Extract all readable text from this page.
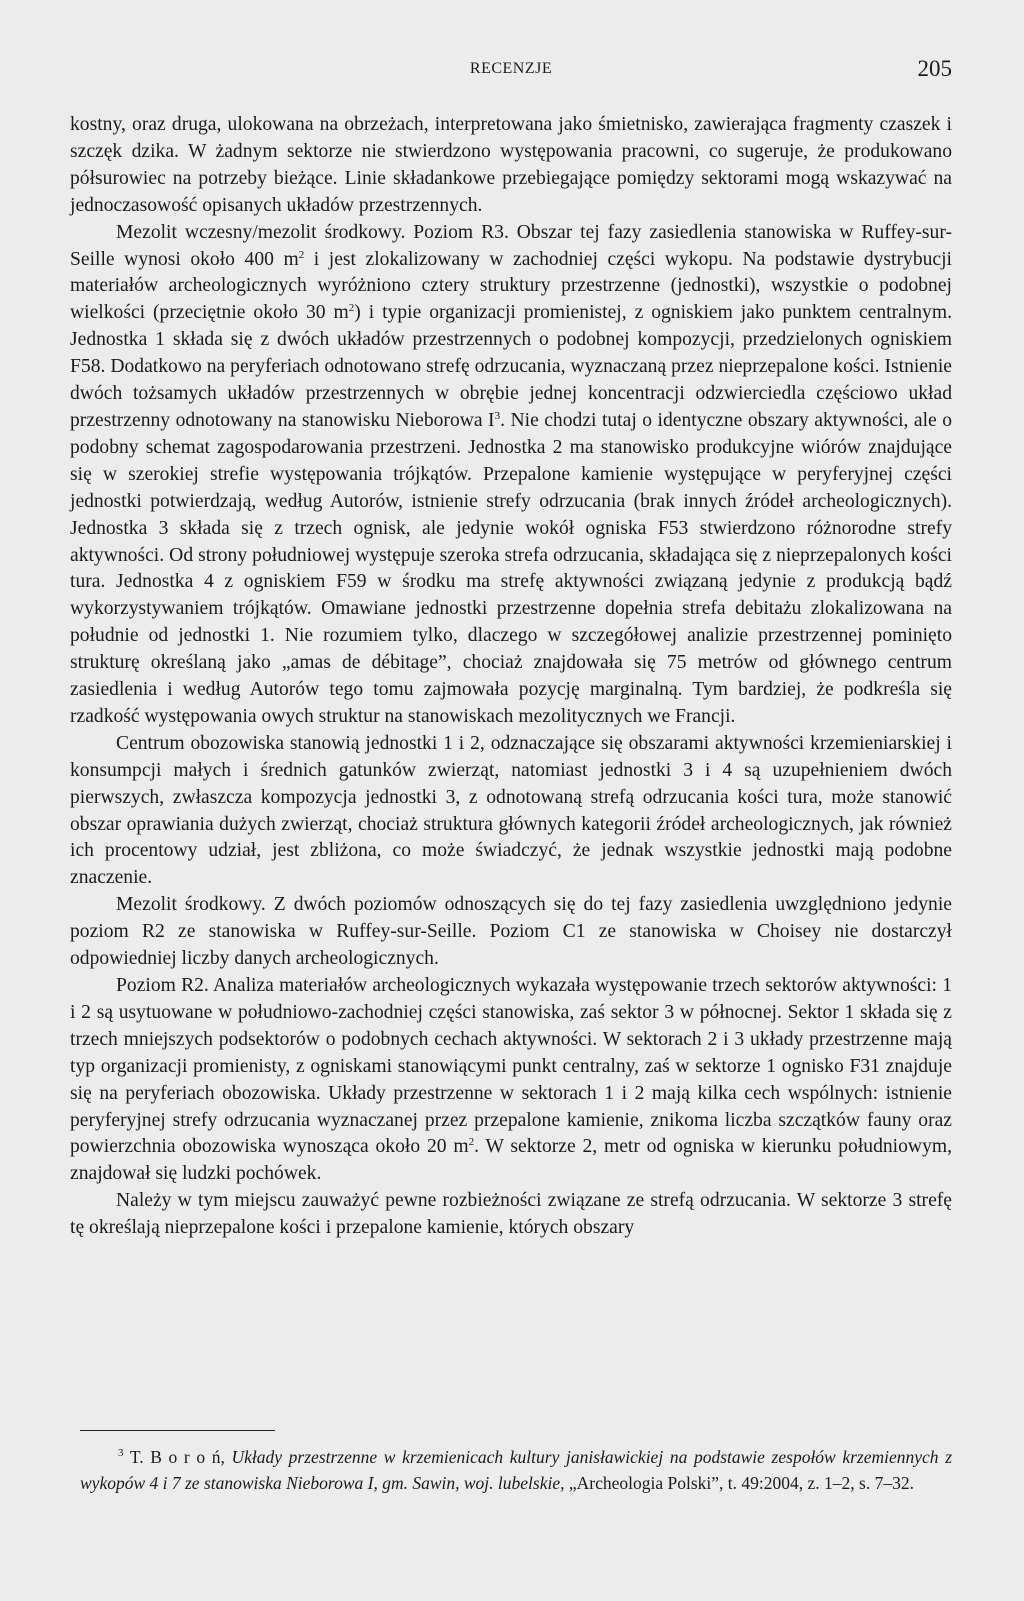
RECENZJE	205

kostny, oraz druga, ulokowana na obrzeżach, interpretowana jako śmietnisko, zawierająca fragmenty czaszek i szczęk dzika. W żadnym sektorze nie stwierdzono występowania pracowni, co sugeruje, że produkowano półsurowiec na potrzeby bieżące. Linie składankowe przebiegające pomiędzy sektorami mogą wskazywać na jednoczasowość opisanych układów przestrzennych.

Mezolit wczesny/mezolit środkowy. Poziom R3. Obszar tej fazy zasiedlenia stanowiska w Ruffey-sur-Seille wynosi około 400 $m^2$ i jest zlokalizowany w zachodniej części wykopu. Na podstawie dystrybucji materiałów archeologicznych wyróżniono cztery struktury przestrzenne (jednostki), wszystkie o podobnej wielkości (przeciętnie około 30 $m^2$) i typie organizacji promienistej, z ogniskiem jako punktem centralnym. Jednostka 1 składa się z dwóch układów przestrzennych o podobnej kompozycji, przedzielonych ogniskiem F58. Dodatkowo na peryferiach odnotowano strefę odrzucania, wyznaczaną przez nieprzepalone kości. Istnienie dwóch tożsamych układów przestrzennych w obrębie jednej koncentracji odzwierciedla częściowo układ przestrzenny odnotowany na stanowisku Nieborowa $I^3$. Nie chodzi tutaj o identyczne obszary aktywności, ale o podobny schemat zagospodarowania przestrzeni. Jednostka 2 ma stanowisko produkcyjne wiórów znajdujące się w szerokiej strefie występowania trójkątów. Przepalone kamienie występujące w peryferyjnej części jednostki potwierdzają, według Autorów, istnienie strefy odrzucania (brak innych źródeł archeologicznych). Jednostka 3 składa się z trzech ognisk, ale jedynie wokół ogniska F53 stwierdzono różnorodne strefy aktywności. Od strony południowej występuje szeroka strefa odrzucania, składająca się z nieprzepalonych kości tura. Jednostka 4 z ogniskiem F59 w środku ma strefę aktywności związaną jedynie z produkcją bądź wykorzystywaniem trójkątów. Omawiane jednostki przestrzenne dopełnia strefa debitażu zlokalizowana na południe od jednostki 1. Nie rozumiem tylko, dlaczego w szczegółowej analizie przestrzennej pominięto strukturę określaną jako „amas de débitage”, chociaż znajdowała się 75 metrów od głównego centrum zasiedlenia i według Autorów tego tomu zajmowała pozycję marginalną. Tym bardziej, że podkreśla się rzadkość występowania owych struktur na stanowiskach mezolitycznych we Francji.

Centrum obozowiska stanowią jednostki 1 i 2, odznaczające się obszarami aktywności krzemieniarskiej i konsumpcji małych i średnich gatunków zwierząt, natomiast jednostki 3 i 4 są uzupełnieniem dwóch pierwszych, zwłaszcza kompozycja jednostki 3, z odnotowaną strefą odrzucania kości tura, może stanowić obszar oprawiania dużych zwierząt, chociaż struktura głównych kategorii źródeł archeologicznych, jak również ich procentowy udział, jest zbliżona, co może świadczyć, że jednak wszystkie jednostki mają podobne znaczenie.

Mezolit środkowy. Z dwóch poziomów odnoszących się do tej fazy zasiedlenia uwzględniono jedynie poziom R2 ze stanowiska w Ruffey-sur-Seille. Poziom C1 ze stanowiska w Choisey nie dostarczył odpowiedniej liczby danych archeologicznych.

Poziom R2. Analiza materiałów archeologicznych wykazała występowanie trzech sektorów aktywności: 1 i 2 są usytuowane w południowo-zachodniej części stanowiska, zaś sektor 3 w północnej. Sektor 1 składa się z trzech mniejszych podsektorów o podobnych cechach aktywności. W sektorach 2 i 3 układy przestrzenne mają typ organizacji promienisty, z ogniskami stanowiącymi punkt centralny, zaś w sektorze 1 ognisko F31 znajduje się na peryferiach obozowiska. Układy przestrzenne w sektorach 1 i 2 mają kilka cech wspólnych: istnienie peryferyjnej strefy odrzucania wyznaczanej przez przepalone kamienie, znikoma liczba szczątków fauny oraz powierzchnia obozowiska wynosząca około 20 $m^2$. W sektorze 2, metr od ogniska w kierunku południowym, znajdował się ludzki pochówek.

Należy w tym miejscu zauważyć pewne rozbieżności związane ze strefą odrzucania. W sektorze 3 strefę tę określają nieprzepalone kości i przepalone kamienie, których obszary

$^3$ T. B o r o ń, Układy przestrzenne w krzemienicach kultury janisławickiej na podstawie zespołów krzemiennych z wykopów 4 i 7 ze stanowiska Nieborowa I, gm. Sawin, woj. lubelskie, „Archeologia Polski”, t. 49:2004, z. 1–2, s. 7–32.
